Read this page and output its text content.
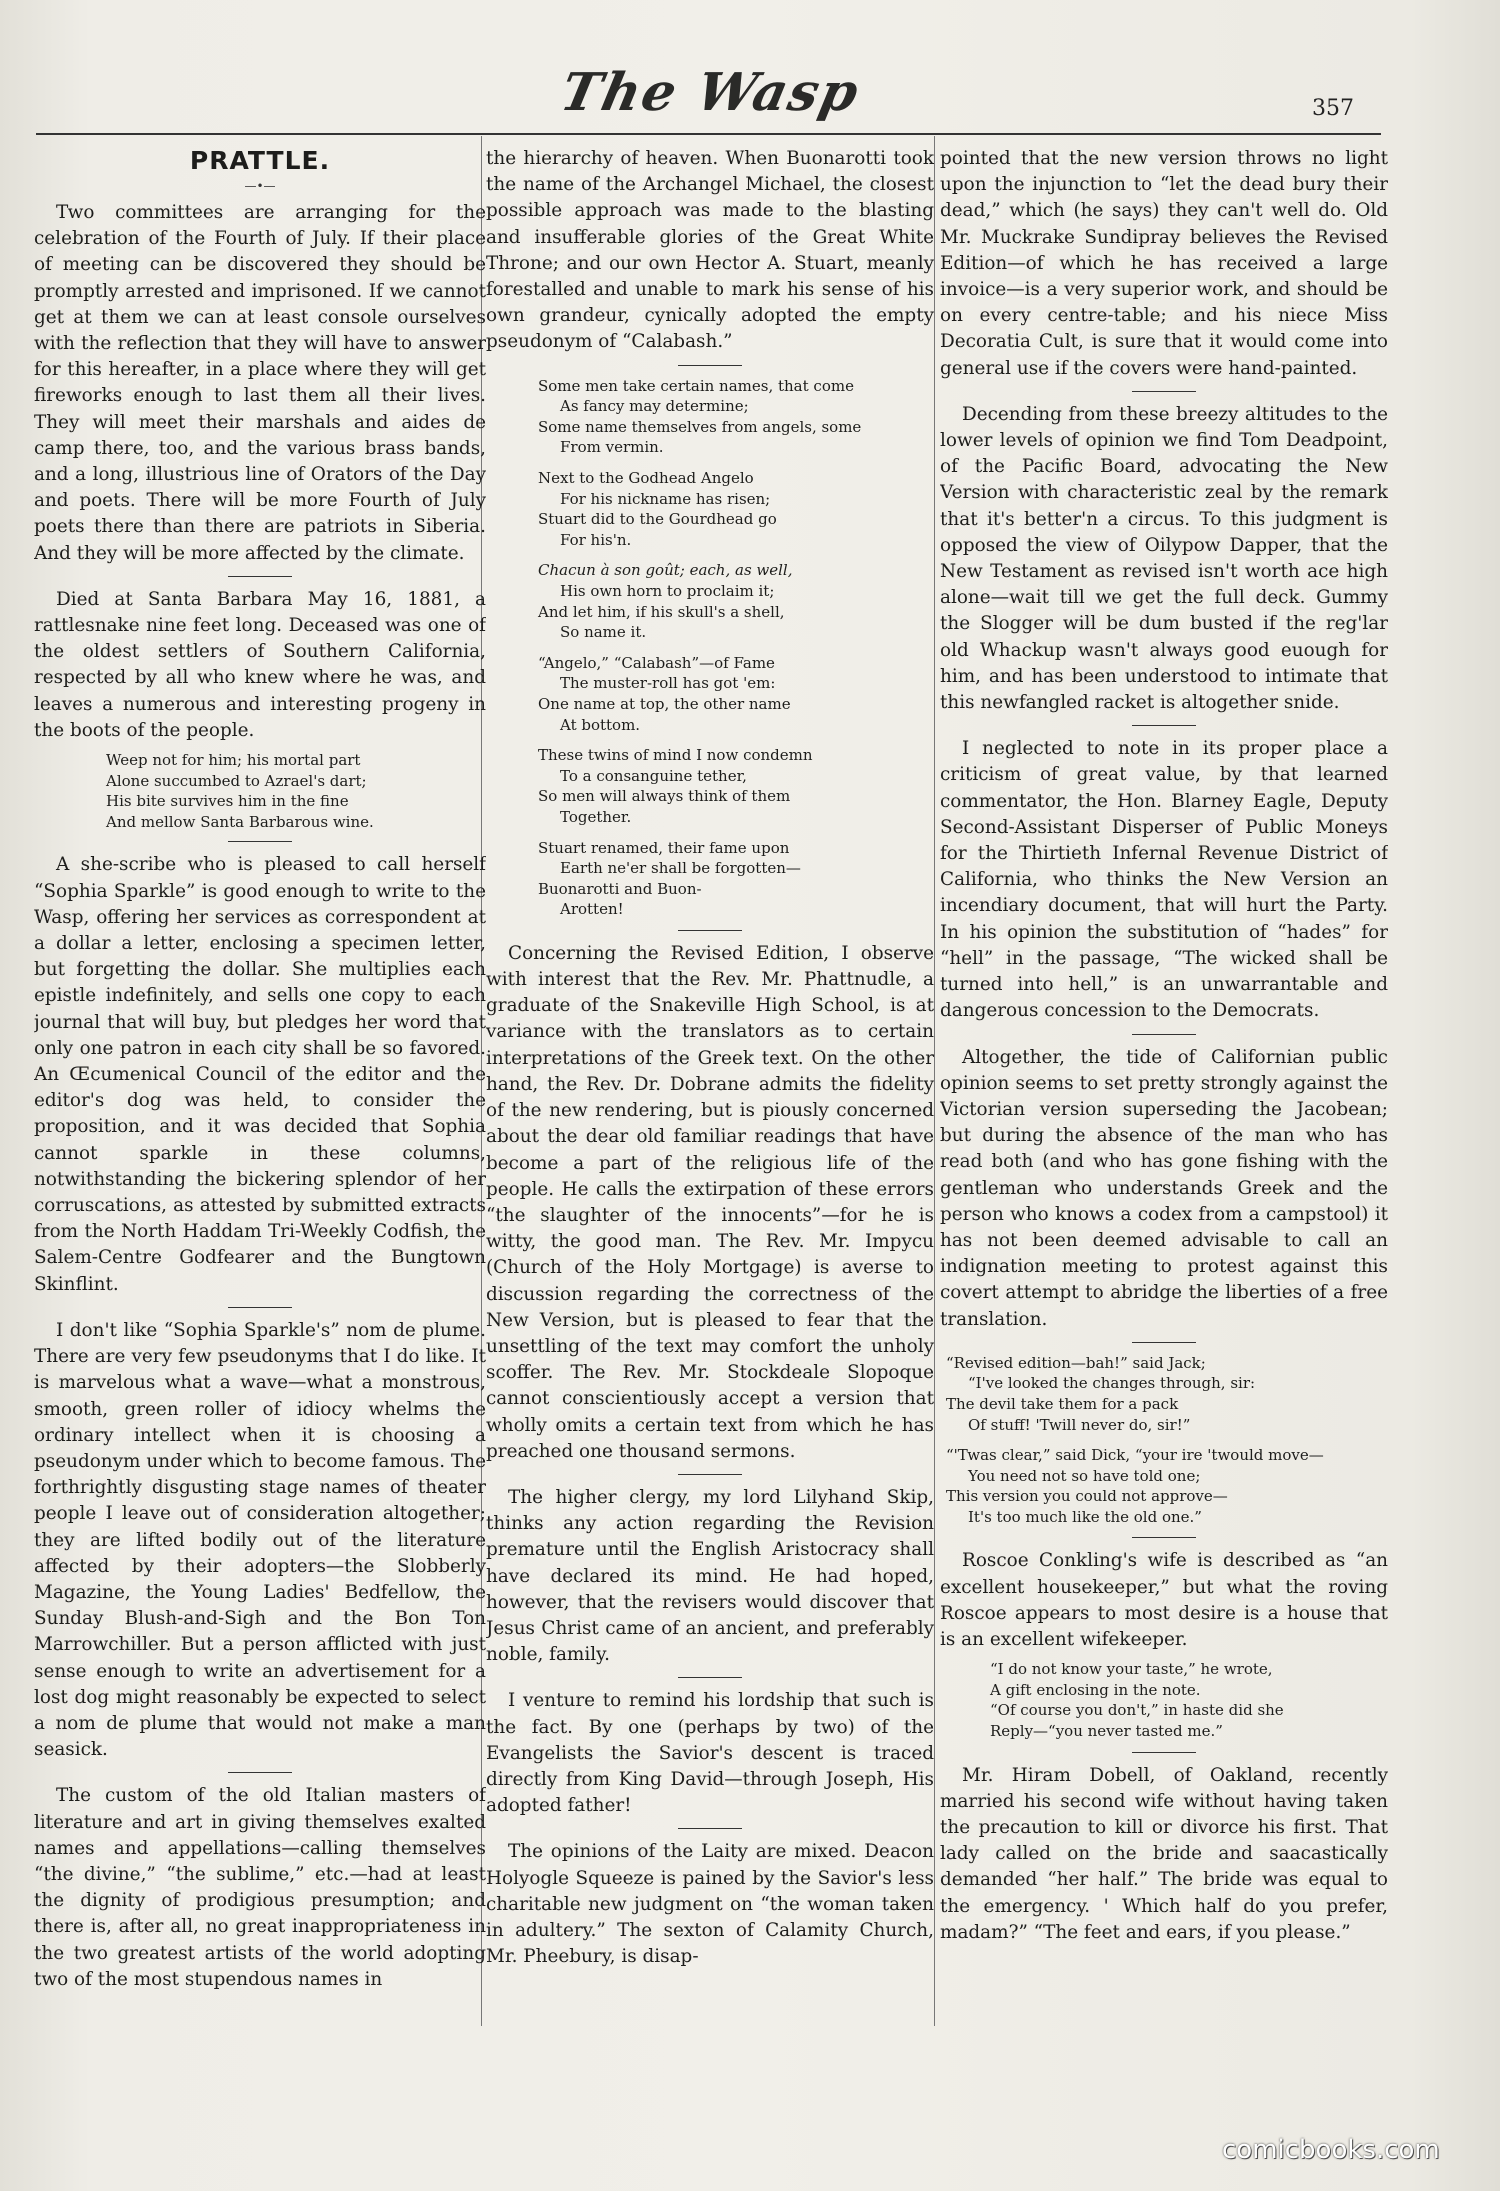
The Wasp	357
PRATTLE.
—•—

Two committees are arranging for the celebration of the Fourth of July. If their place of meeting can be discovered they should be promptly arrested and imprisoned. If we cannot get at them we can at least console ourselves with the reflection that they will have to answer for this hereafter, in a place where they will get fireworks enough to last them all their lives. They will meet their marshals and aides de camp there, too, and the various brass bands, and a long, illustrious line of Orators of the Day and poets. There will be more Fourth of July poets there than there are patriots in Siberia. And they will be more affected by the climate.

Died at Santa Barbara May 16, 1881, a rattlesnake nine feet long. Deceased was one of the oldest settlers of Southern California, respected by all who knew where he was, and leaves a numerous and interesting progeny in the boots of the people.

Weep not for him; his mortal part
Alone succumbed to Azrael's dart;
His bite survives him in the fine
And mellow Santa Barbarous wine.

A she-scribe who is pleased to call herself “Sophia Sparkle” is good enough to write to the Wasp, offering her services as correspondent at a dollar a letter, enclosing a specimen letter, but forgetting the dollar. She multiplies each epistle indefinitely, and sells one copy to each journal that will buy, but pledges her word that only one patron in each city shall be so favored. An Œcumenical Council of the editor and the editor's dog was held, to consider the proposition, and it was decided that Sophia cannot sparkle in these columns, notwithstanding the bickering splendor of her corruscations, as attested by submitted extracts from the North Haddam Tri-Weekly Codfish, the Salem-Centre Godfearer and the Bungtown Skinflint.

I don't like “Sophia Sparkle's” nom de plume. There are very few pseudonyms that I do like. It is marvelous what a wave—what a monstrous, smooth, green roller of idiocy whelms the ordinary intellect when it is choosing a pseudonym under which to become famous. The forthrightly disgusting stage names of theater people I leave out of consideration altogether; they are lifted bodily out of the literature affected by their adopters—the Slobberly Magazine, the Young Ladies' Bedfellow, the Sunday Blush-and-Sigh and the Bon Ton Marrowchiller. But a person afflicted with just sense enough to write an advertisement for a lost dog might reasonably be expected to select a nom de plume that would not make a man seasick.

The custom of the old Italian masters of literature and art in giving themselves exalted names and appellations—calling themselves “the divine,” “the sublime,” etc.—had at least the dignity of prodigious presumption; and there is, after all, no great inappropriateness in the two greatest artists of the world adopting two of the most stupendous names in

the hierarchy of heaven. When Buonarotti took the name of the Archangel Michael, the closest possible approach was made to the blasting and insufferable glories of the Great White Throne; and our own Hector A. Stuart, meanly forestalled and unable to mark his sense of his own grandeur, cynically adopted the empty pseudonym of “Calabash.”

Some men take certain names, that come
As fancy may determine;
Some name themselves from angels, some
From vermin.
Next to the Godhead Angelo
For his nickname has risen;
Stuart did to the Gourdhead go
For his'n.
Chacun à son goût; each, as well,
His own horn to proclaim it;
And let him, if his skull's a shell,
So name it.
“Angelo,” “Calabash”—of Fame
The muster-roll has got 'em:
One name at top, the other name
At bottom.
These twins of mind I now condemn
To a consanguine tether,
So men will always think of them
Together.
Stuart renamed, their fame upon
Earth ne'er shall be forgotten—
Buonarotti and Buon-
Arotten!

Concerning the Revised Edition, I observe with interest that the Rev. Mr. Phattnudle, a graduate of the Snakeville High School, is at variance with the translators as to certain interpretations of the Greek text. On the other hand, the Rev. Dr. Dobrane admits the fidelity of the new rendering, but is piously concerned about the dear old familiar readings that have become a part of the religious life of the people. He calls the extirpation of these errors “the slaughter of the innocents”—for he is witty, the good man. The Rev. Mr. Impycu (Church of the Holy Mortgage) is averse to discussion regarding the correctness of the New Version, but is pleased to fear that the unsettling of the text may comfort the unholy scoffer. The Rev. Mr. Stockdeale Slopoque cannot conscientiously accept a version that wholly omits a certain text from which he has preached one thousand sermons.

The higher clergy, my lord Lilyhand Skip, thinks any action regarding the Revision premature until the English Aristocracy shall have declared its mind. He had hoped, however, that the revisers would discover that Jesus Christ came of an ancient, and preferably noble, family.

I venture to remind his lordship that such is the fact. By one (perhaps by two) of the Evangelists the Savior's descent is traced directly from King David—through Joseph, His adopted father!

The opinions of the Laity are mixed. Deacon Holyogle Squeeze is pained by the Savior's less charitable new judgment on “the woman taken in adultery.” The sexton of Calamity Church, Mr. Pheebury, is disap-

pointed that the new version throws no light upon the injunction to “let the dead bury their dead,” which (he says) they can't well do. Old Mr. Muckrake Sundipray believes the Revised Edition—of which he has received a large invoice—is a very superior work, and should be on every centre-table; and his niece Miss Decoratia Cult, is sure that it would come into general use if the covers were hand-painted.

Decending from these breezy altitudes to the lower levels of opinion we find Tom Deadpoint, of the Pacific Board, advocating the New Version with characteristic zeal by the remark that it's better'n a circus. To this judgment is opposed the view of Oilypow Dapper, that the New Testament as revised isn't worth ace high alone—wait till we get the full deck. Gummy the Slogger will be dum busted if the reg'lar old Whackup wasn't always good euough for him, and has been understood to intimate that this newfangled racket is altogether snide.

I neglected to note in its proper place a criticism of great value, by that learned commentator, the Hon. Blarney Eagle, Deputy Second-Assistant Disperser of Public Moneys for the Thirtieth Infernal Revenue District of California, who thinks the New Version an incendiary document, that will hurt the Party. In his opinion the substitution of “hades” for “hell” in the passage, “The wicked shall be turned into hell,” is an unwarrantable and dangerous concession to the Democrats.

Altogether, the tide of Californian public opinion seems to set pretty strongly against the Victorian version superseding the Jacobean; but during the absence of the man who has read both (and who has gone fishing with the gentleman who understands Greek and the person who knows a codex from a campstool) it has not been deemed advisable to call an indignation meeting to protest against this covert attempt to abridge the liberties of a free translation.

“Revised edition—bah!” said Jack;
“I've looked the changes through, sir:
The devil take them for a pack
Of stuff! 'Twill never do, sir!”
“'Twas clear,” said Dick, “your ire 'twould move—
You need not so have told one;
This version you could not approve—
It's too much like the old one.”

Roscoe Conkling's wife is described as “an excellent housekeeper,” but what the roving Roscoe appears to most desire is a house that is an excellent wifekeeper.

“I do not know your taste,” he wrote,
A gift enclosing in the note.
“Of course you don't,” in haste did she
Reply—“you never tasted me.”

Mr. Hiram Dobell, of Oakland, recently married his second wife without having taken the precaution to kill or divorce his first. That lady called on the bride and saacastically demanded “her half.” The bride was equal to the emergency. ' Which half do you prefer, madam?” “The feet and ears, if you please.”

comicbooks.com
